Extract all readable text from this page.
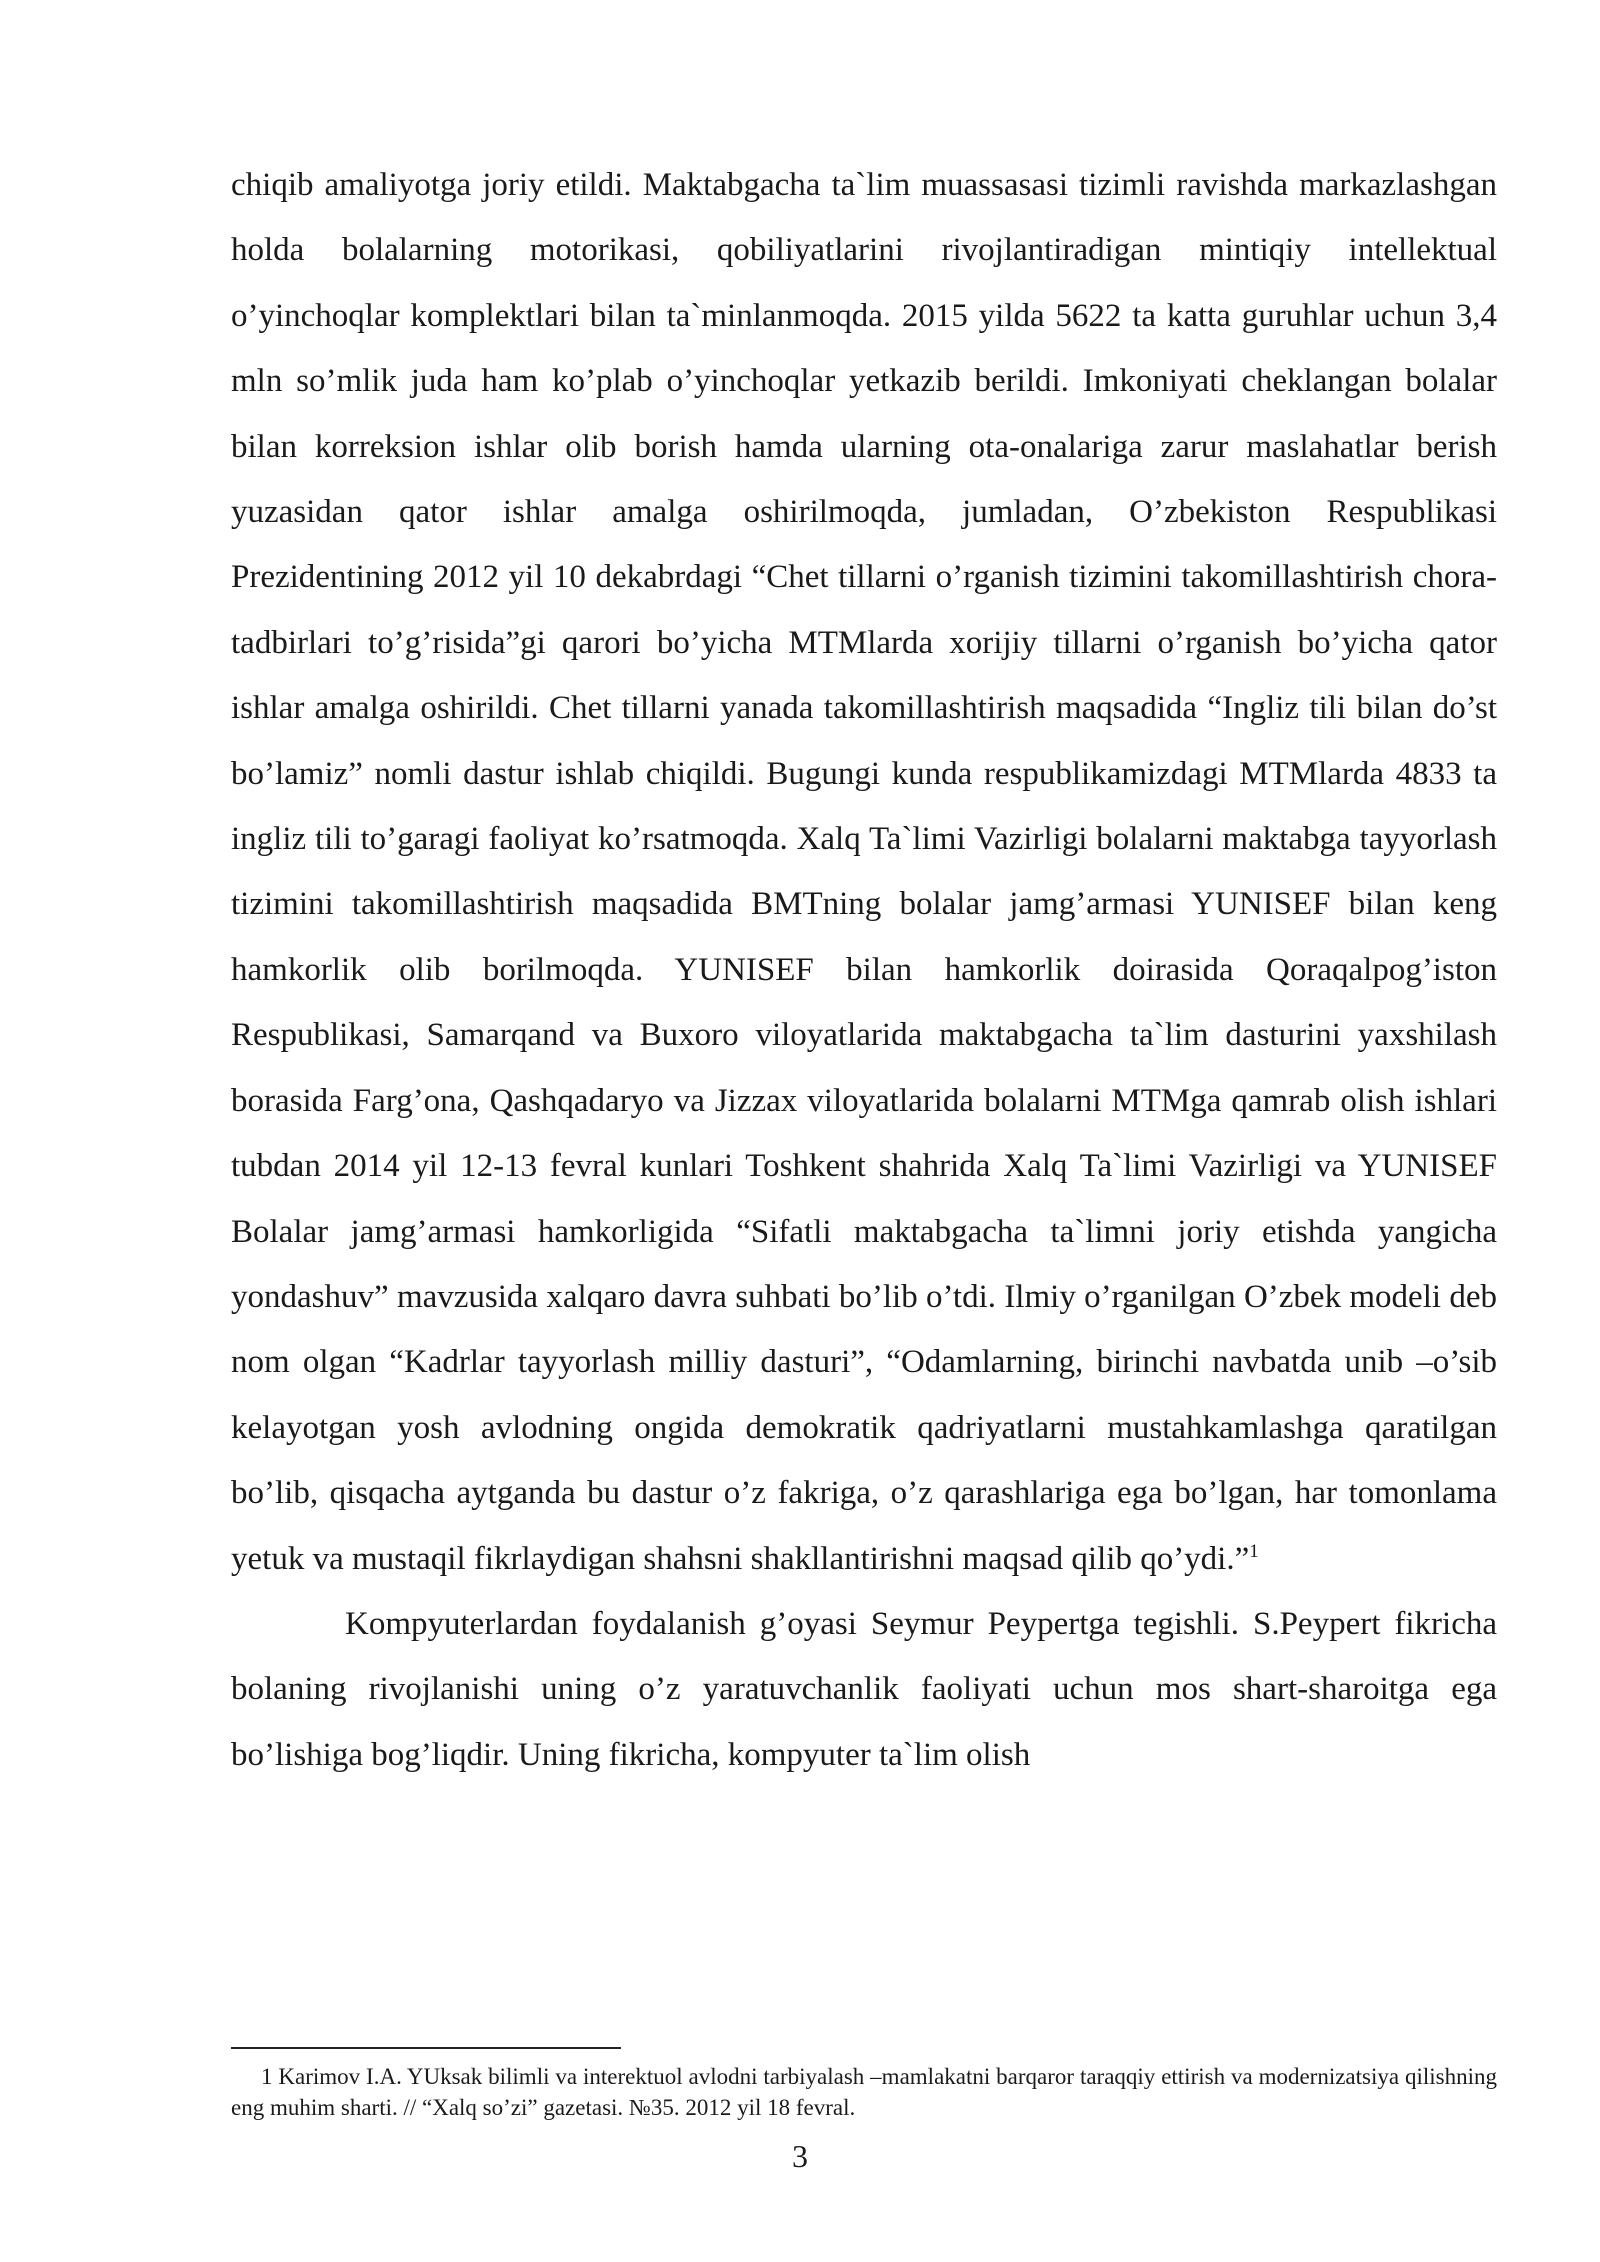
chiqib amaliyotga joriy etildi. Maktabgacha ta`lim muassasasi tizimli ravishda markazlashgan holda bolalarning motorikasi, qobiliyatlarini rivojlantiradigan mintiqiy intellektual o’yinchoqlar komplektlari bilan ta`minlanmoqda. 2015 yilda 5622 ta katta guruhlar uchun 3,4 mln so’mlik juda ham ko’plab o’yinchoqlar yetkazib berildi. Imkoniyati cheklangan bolalar bilan korreksion ishlar olib borish hamda ularning ota-onalariga zarur maslahatlar berish yuzasidan qator ishlar amalga oshirilmoqda, jumladan, O’zbekiston Respublikasi Prezidentining 2012 yil 10 dekabrdagi “Chet tillarni o’rganish tizimini takomillashtirish chora-tadbirlari to’g’risida”gi qarori bo’yicha MTMlarda xorijiy tillarni o’rganish bo’yicha qator ishlar amalga oshirildi. Chet tillarni yanada takomillashtirish maqsadida “Ingliz tili bilan do’st bo’lamiz” nomli dastur ishlab chiqildi. Bugungi kunda respublikamizdagi MTMlarda 4833 ta ingliz tili to’garagi faoliyat ko’rsatmoqda. Xalq Ta`limi Vazirligi bolalarni maktabga tayyorlash tizimini takomillashtirish maqsadida BMTning bolalar jamg’armasi YUNISEF bilan keng hamkorlik olib borilmoqda. YUNISEF bilan hamkorlik doirasida Qoraqalpog’iston Respublikasi, Samarqand va Buxoro viloyatlarida maktabgacha ta`lim dasturini yaxshilash borasida Farg’ona, Qashqadaryo va Jizzax viloyatlarida bolalarni MTMga qamrab olish ishlari tubdan 2014 yil 12-13 fevral kunlari Toshkent shahrida Xalq Ta`limi Vazirligi va YUNISEF Bolalar jamg’armasi hamkorligida “Sifatli maktabgacha ta`limni joriy etishda yangicha yondashuv” mavzusida xalqaro davra suhbati bo’lib o’tdi. Ilmiy o’rganilgan O’zbek modeli deb nom olgan “Kadrlar tayyorlash milliy dasturi”, “Odamlarning, birinchi navbatda unib –o’sib kelayotgan yosh avlodning ongida demokratik qadriyatlarni mustahkamlashga qaratilgan bo’lib, qisqacha aytganda bu dastur o’z fakriga, o’z qarashlariga ega bo’lgan, har tomonlama yetuk va mustaqil fikrlaydigan shahsni shakllantirishni maqsad qilib qo’ydi.”$^1$

Kompyuterlardan foydalanish g’oyasi Seymur Peypertga tegishli. S.Peypert fikricha bolaning rivojlanishi uning o’z yaratuvchanlik faoliyati uchun mos shart-sharoitga ega bo’lishiga bog’liqdir. Uning fikricha, kompyuter ta`lim olish

1 Karimov I.A. YUksak bilimli va interektuol avlodni tarbiyalash –mamlakatni barqaror taraqqiy ettirish va modernizatsiya qilishning eng muhim sharti. // “Xalq so’zi” gazetasi. №35. 2012 yil 18 fevral.

3
